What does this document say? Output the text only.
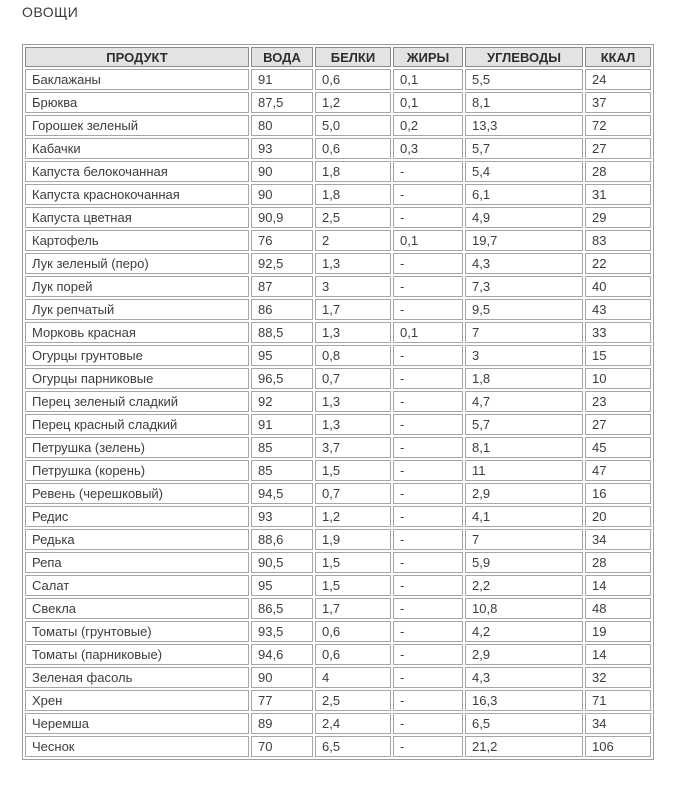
ОВОЩИ
ПРОДУКТ	ВОДА	БЕЛКИ	ЖИРЫ	УГЛЕВОДЫ	ККАЛ
Баклажаны	91	0,6	0,1	5,5	24
Брюква	87,5	1,2	0,1	8,1	37
Горошек зеленый	80	5,0	0,2	13,3	72
Кабачки	93	0,6	0,3	5,7	27
Капуста белокочанная	90	1,8	-	5,4	28
Капуста краснокочанная	90	1,8	-	6,1	31
Капуста цветная	90,9	2,5	-	4,9	29
Картофель	76	2	0,1	19,7	83
Лук зеленый (перо)	92,5	1,3	-	4,3	22
Лук порей	87	3	-	7,3	40
Лук репчатый	86	1,7	-	9,5	43
Морковь красная	88,5	1,3	0,1	7	33
Огурцы грунтовые	95	0,8	-	3	15
Огурцы парниковые	96,5	0,7	-	1,8	10
Перец зеленый сладкий	92	1,3	-	4,7	23
Перец красный сладкий	91	1,3	-	5,7	27
Петрушка (зелень)	85	3,7	-	8,1	45
Петрушка (корень)	85	1,5	-	11	47
Ревень (черешковый)	94,5	0,7	-	2,9	16
Редис	93	1,2	-	4,1	20
Редька	88,6	1,9	-	7	34
Репа	90,5	1,5	-	5,9	28
Салат	95	1,5	-	2,2	14
Свекла	86,5	1,7	-	10,8	48
Томаты (грунтовые)	93,5	0,6	-	4,2	19
Томаты (парниковые)	94,6	0,6	-	2,9	14
Зеленая фасоль	90	4	-	4,3	32
Хрен	77	2,5	-	16,3	71
Черемша	89	2,4	-	6,5	34
Чеснок	70	6,5	-	21,2	106
